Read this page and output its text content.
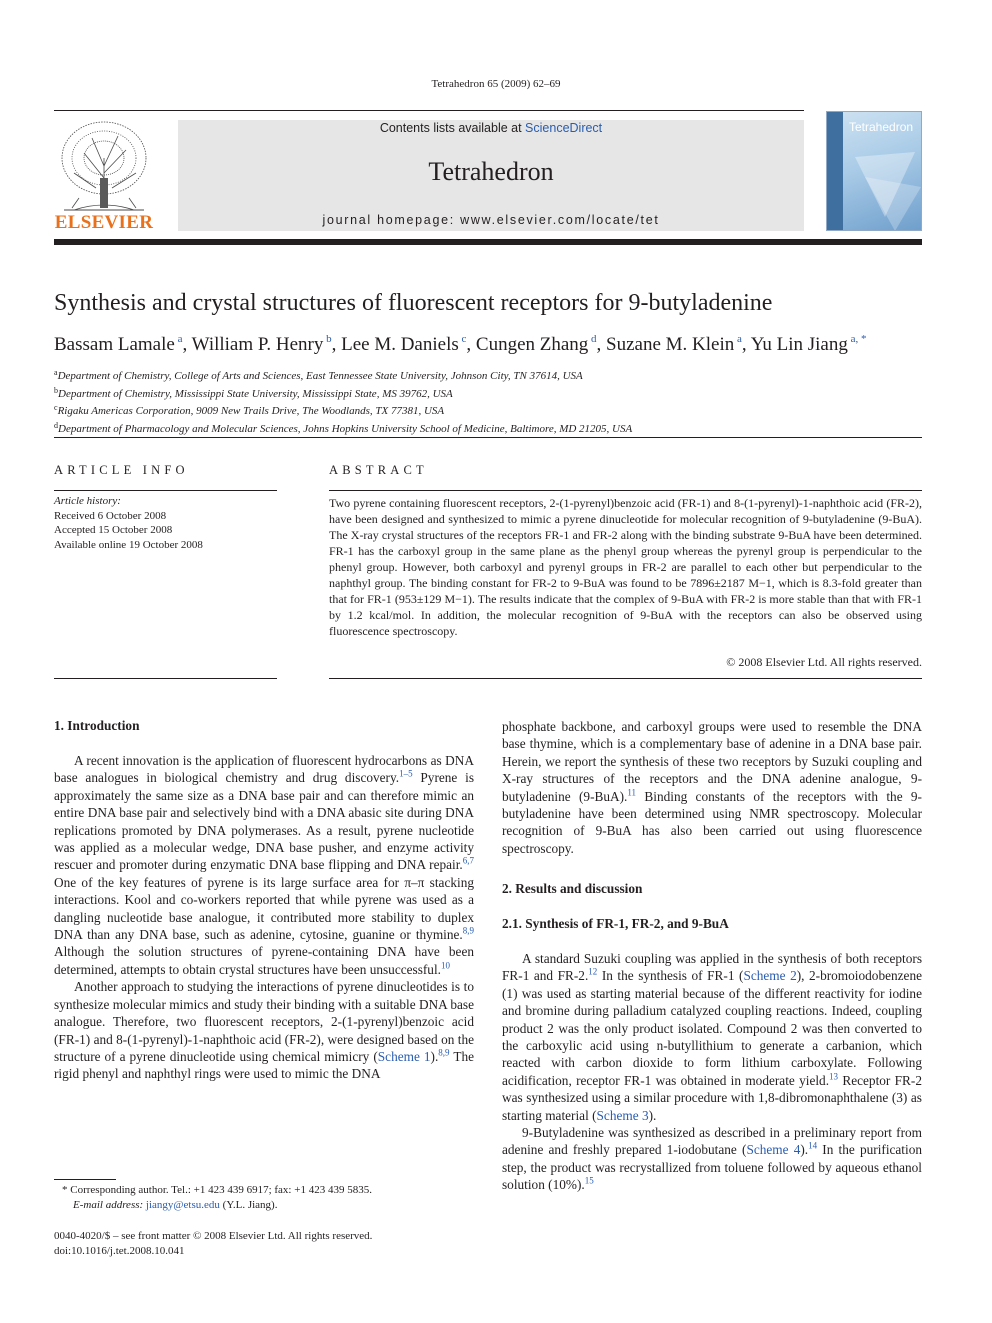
Tetrahedron 65 (2009) 62–69
ELSEVIER
Contents lists available at ScienceDirect
Tetrahedron
journal homepage: www.elsevier.com/locate/tet
Tetrahedron
Synthesis and crystal structures of fluorescent receptors for 9-butyladenine
Bassam Lamale $^a$, William P. Henry $^b$, Lee M. Daniels $^c$, Cungen Zhang $^d$, Suzane M. Klein $^a$, Yu Lin Jiang $^{a, *}$
$^a$Department of Chemistry, College of Arts and Sciences, East Tennessee State University, Johnson City, TN 37614, USA
$^b$Department of Chemistry, Mississippi State University, Mississippi State, MS 39762, USA
$^c$Rigaku Americas Corporation, 9009 New Trails Drive, The Woodlands, TX 77381, USA
$^d$Department of Pharmacology and Molecular Sciences, Johns Hopkins University School of Medicine, Baltimore, MD 21205, USA
ARTICLE INFO	ABSTRACT
Article history:
Received 6 October 2008
Accepted 15 October 2008
Available online 19 October 2008
Two pyrene containing fluorescent receptors, 2-(1-pyrenyl)benzoic acid (FR-1) and 8-(1-pyrenyl)-1-naphthoic acid (FR-2), have been designed and synthesized to mimic a pyrene dinucleotide for molecular recognition of 9-butyladenine (9-BuA). The X-ray crystal structures of the receptors FR-1 and FR-2 along with the binding substrate 9-BuA have been determined. FR-1 has the carboxyl group in the same plane as the phenyl group whereas the pyrenyl group is perpendicular to the phenyl group. However, both carboxyl and pyrenyl groups in FR-2 are parallel to each other but perpendicular to the naphthyl group. The binding constant for FR-2 to 9-BuA was found to be 7896±2187 M−1, which is 8.3-fold greater than that for FR-1 (953±129 M−1). The results indicate that the complex of 9-BuA with FR-2 is more stable than that with FR-1 by 1.2 kcal/mol. In addition, the molecular recognition of 9-BuA with the receptors can also be observed using fluorescence spectroscopy.
© 2008 Elsevier Ltd. All rights reserved.
1. Introduction

A recent innovation is the application of fluorescent hydrocarbons as DNA base analogues in biological chemistry and drug discovery.$^{1-5}$ Pyrene is approximately the same size as a DNA base pair and can therefore mimic an entire DNA base pair and selectively bind with a DNA abasic site during DNA replications promoted by DNA polymerases. As a result, pyrene nucleotide was applied as a molecular wedge, DNA base pusher, and enzyme activity rescuer and promoter during enzymatic DNA base flipping and DNA repair.$^{6,7}$ One of the key features of pyrene is its large surface area for π–π stacking interactions. Kool and co-workers reported that while pyrene was used as a dangling nucleotide base analogue, it contributed more stability to duplex DNA than any DNA base, such as adenine, cytosine, guanine or thymine.$^{8,9}$ Although the solution structures of pyrene-containing DNA have been determined, attempts to obtain crystal structures have been unsuccessful.$^{10}$

Another approach to studying the interactions of pyrene dinucleotides is to synthesize molecular mimics and study their binding with a suitable DNA base analogue. Therefore, two fluorescent receptors, 2-(1-pyrenyl)benzoic acid (FR-1) and 8-(1-pyrenyl)-1-naphthoic acid (FR-2), were designed based on the structure of a pyrene dinucleotide using chemical mimicry (Scheme 1).$^{8,9}$ The rigid phenyl and naphthyl rings were used to mimic the DNA

phosphate backbone, and carboxyl groups were used to resemble the DNA base thymine, which is a complementary base of adenine in a DNA base pair. Herein, we report the synthesis of these two receptors by Suzuki coupling and X-ray structures of the receptors and the DNA adenine analogue, 9-butyladenine (9-BuA).$^{11}$ Binding constants of the receptors with the 9-butyladenine have been determined using NMR spectroscopy. Molecular recognition of 9-BuA has also been carried out using fluorescence spectroscopy.

2. Results and discussion
2.1. Synthesis of FR-1, FR-2, and 9-BuA

A standard Suzuki coupling was applied in the synthesis of both receptors FR-1 and FR-2.12 In the synthesis of FR-1 (Scheme 2), 2-bromoiodobenzene (1) was used as starting material because of the different reactivity for iodine and bromine during palladium catalyzed coupling reactions. Indeed, coupling product 2 was the only product isolated. Compound 2 was then converted to the carboxylic acid using n-butyllithium to generate a carbanion, which reacted with carbon dioxide to form lithium carboxylate. Following acidification, receptor FR-1 was obtained in moderate yield.$^{13}$ Receptor FR-2 was synthesized using a similar procedure with 1,8-dibromonaphthalene (3) as starting material (Scheme 3).

9-Butyladenine was synthesized as described in a preliminary report from adenine and freshly prepared 1-iodobutane (Scheme 4).$^{14}$ In the purification step, the product was recrystallized from toluene followed by aqueous ethanol solution (10%).$^{15}$

* Corresponding author. Tel.: +1 423 439 6917; fax: +1 423 439 5835.
E-mail address: jiangy@etsu.edu (Y.L. Jiang).
0040-4020/$ – see front matter © 2008 Elsevier Ltd. All rights reserved.
doi:10.1016/j.tet.2008.10.041
